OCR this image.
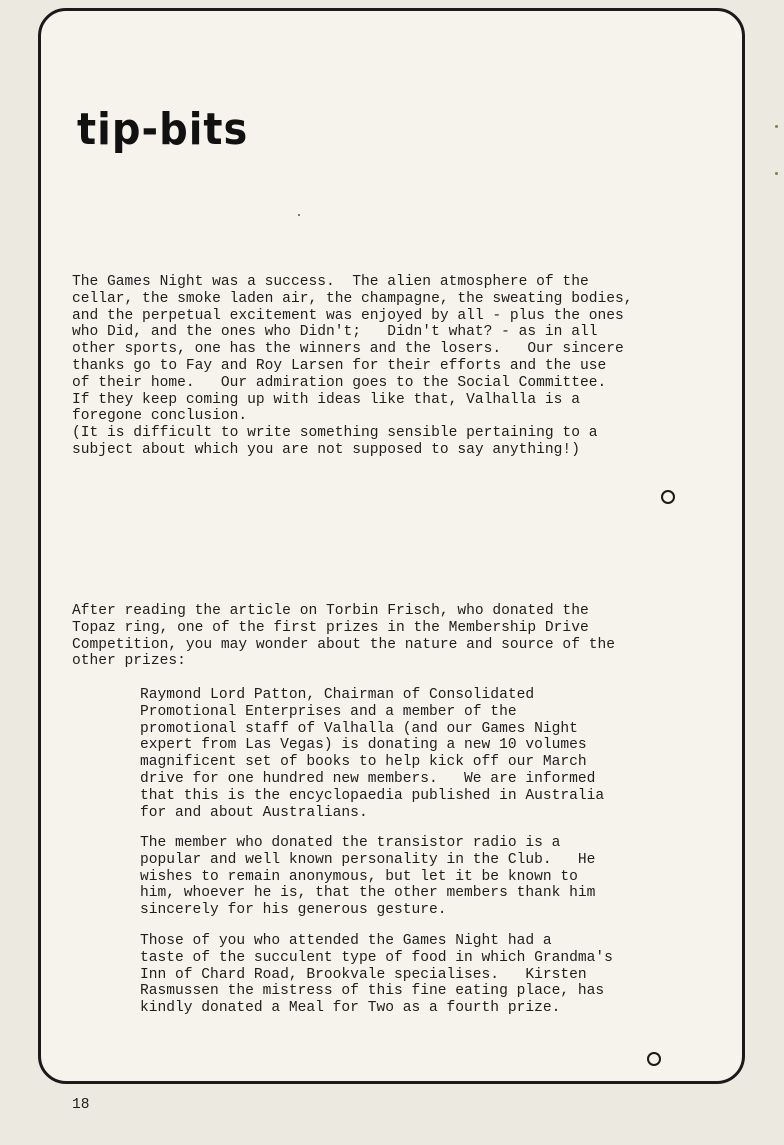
tip-bits

The Games Night was a success.  The alien atmosphere of the
cellar, the smoke laden air, the champagne, the sweating bodies,
and the perpetual excitement was enjoyed by all - plus the ones
who Did, and the ones who Didn't;   Didn't what? - as in all
other sports, one has the winners and the losers.   Our sincere
thanks go to Fay and Roy Larsen for their efforts and the use
of their home.   Our admiration goes to the Social Committee.
If they keep coming up with ideas like that, Valhalla is a
foregone conclusion.
(It is difficult to write something sensible pertaining to a
subject about which you are not supposed to say anything!)

After reading the article on Torbin Frisch, who donated the
Topaz ring, one of the first prizes in the Membership Drive
Competition, you may wonder about the nature and source of the
other prizes:

Raymond Lord Patton, Chairman of Consolidated
Promotional Enterprises and a member of the
promotional staff of Valhalla (and our Games Night
expert from Las Vegas) is donating a new 10 volumes
magnificent set of books to help kick off our March
drive for one hundred new members.   We are informed
that this is the encyclopaedia published in Australia
for and about Australians.

The member who donated the transistor radio is a
popular and well known personality in the Club.   He
wishes to remain anonymous, but let it be known to
him, whoever he is, that the other members thank him
sincerely for his generous gesture.

Those of you who attended the Games Night had a
taste of the succulent type of food in which Grandma's
Inn of Chard Road, Brookvale specialises.   Kirsten
Rasmussen the mistress of this fine eating place, has
kindly donated a Meal for Two as a fourth prize.

18
